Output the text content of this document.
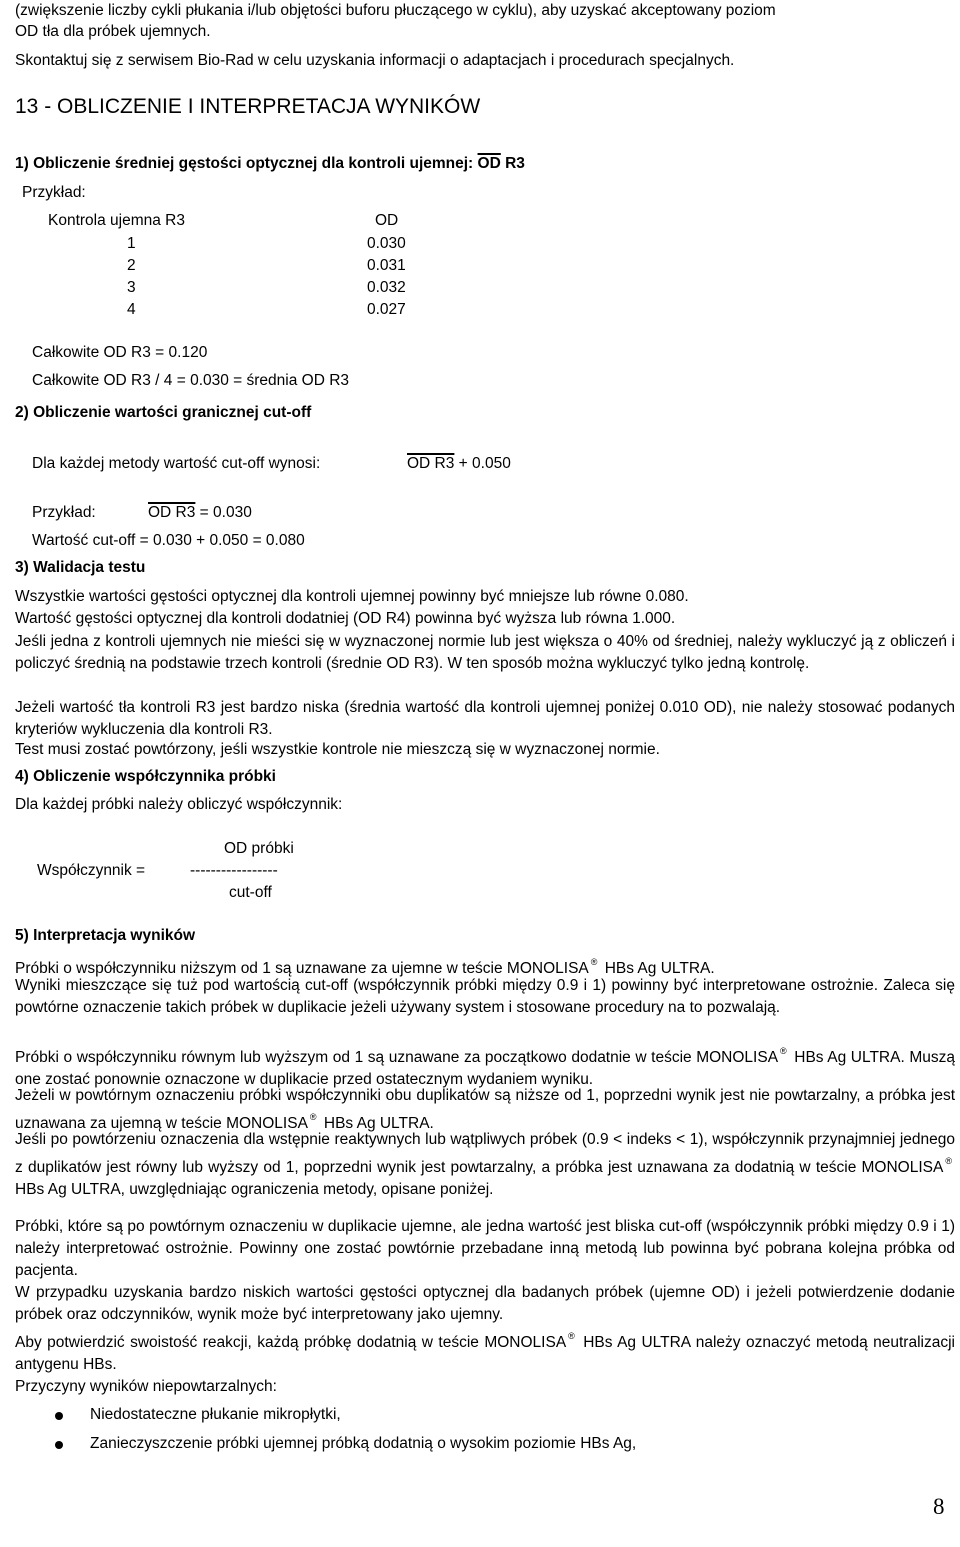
(zwiększenie liczby cykli płukania i/lub objętości buforu płuczącego w cyklu), aby uzyskać akceptowany poziom
OD tła dla próbek ujemnych.
Skontaktuj się z serwisem Bio-Rad w celu uzyskania informacji o adaptacjach i procedurach specjalnych.
13 - OBLICZENIE I INTERPRETACJA WYNIKÓW
1) Obliczenie średniej gęstości optycznej dla kontroli ujemnej: $\overline{OD}$ R3
Przykład:
Kontrola ujemna R3	OD
1	0.030
2	0.031
3	0.032
4	0.027
Całkowite OD R3 = 0.120
Całkowite OD R3 / 4 = 0.030 = średnia OD R3
2) Obliczenie wartości granicznej cut-off
Dla każdej metody wartość cut-off wynosi:	OD R3 + 0.050
Przykład:	OD R3 = 0.030
Wartość cut-off = 0.030 + 0.050 = 0.080
3) Walidacja testu
Wszystkie wartości gęstości optycznej dla kontroli ujemnej powinny być mniejsze lub równe 0.080.
Wartość gęstości optycznej dla kontroli dodatniej (OD R4) powinna być wyższa lub równa 1.000.
Jeśli jedna z kontroli ujemnych nie mieści się w wyznaczonej normie lub jest większa o 40% od średniej, należy wykluczyć ją z obliczeń i policzyć średnią na podstawie trzech kontroli (średnie OD R3). W ten sposób można wykluczyć tylko jedną kontrolę.
Jeżeli wartość tła kontroli R3 jest bardzo niska (średnia wartość dla kontroli ujemnej poniżej 0.010 OD), nie należy stosować podanych kryteriów wykluczenia dla kontroli R3.
Test musi zostać powtórzony, jeśli wszystkie kontrole nie mieszczą się w wyznaczonej normie.
4) Obliczenie współczynnika próbki
Dla każdej próbki należy obliczyć współczynnik:
OD próbki
Współczynnik =	-----------------
cut-off
5) Interpretacja wyników
Próbki o współczynniku niższym od 1 są uznawane za ujemne w teście MONOLISA ® HBs Ag ULTRA.
Wyniki mieszczące się tuż pod wartością cut-off (współczynnik próbki między 0.9 i 1) powinny być interpretowane ostrożnie. Zaleca się powtórne oznaczenie takich próbek w duplikacie jeżeli używany system i stosowane procedury na to pozwalają.
Próbki o współczynniku równym lub wyższym od 1 są uznawane za początkowo dodatnie w teście MONOLISA ® HBs Ag ULTRA. Muszą one zostać ponownie oznaczone w duplikacie przed ostatecznym wydaniem wyniku.
Jeżeli w powtórnym oznaczeniu próbki współczynniki obu duplikatów są niższe od 1, poprzedni wynik jest nie powtarzalny, a próbka jest uznawana za ujemną w teście MONOLISA ® HBs Ag ULTRA.
Jeśli po powtórzeniu oznaczenia dla wstępnie reaktywnych lub wątpliwych próbek (0.9 < indeks < 1), współczynnik przynajmniej jednego z duplikatów jest równy lub wyższy od 1, poprzedni wynik jest powtarzalny, a próbka jest uznawana za dodatnią w teście MONOLISA ® HBs Ag ULTRA, uwzględniając ograniczenia metody, opisane poniżej.
Próbki, które są po powtórnym oznaczeniu w duplikacie ujemne, ale jedna wartość jest bliska cut-off (współczynnik próbki między 0.9 i 1) należy interpretować ostrożnie. Powinny one zostać powtórnie przebadane inną metodą lub powinna być pobrana kolejna próbka od pacjenta.
W przypadku uzyskania bardzo niskich wartości gęstości optycznej dla badanych próbek (ujemne OD) i jeżeli potwierdzenie dodanie próbek oraz odczynników, wynik może być interpretowany jako ujemny.
Aby potwierdzić swoistość reakcji, każdą próbkę dodatnią w teście MONOLISA ® HBs Ag ULTRA należy oznaczyć metodą neutralizacji antygenu HBs.
Przyczyny wyników niepowtarzalnych:
Niedostateczne płukanie mikropłytki,
Zanieczyszczenie próbki ujemnej próbką dodatnią o wysokim poziomie HBs Ag,
8
